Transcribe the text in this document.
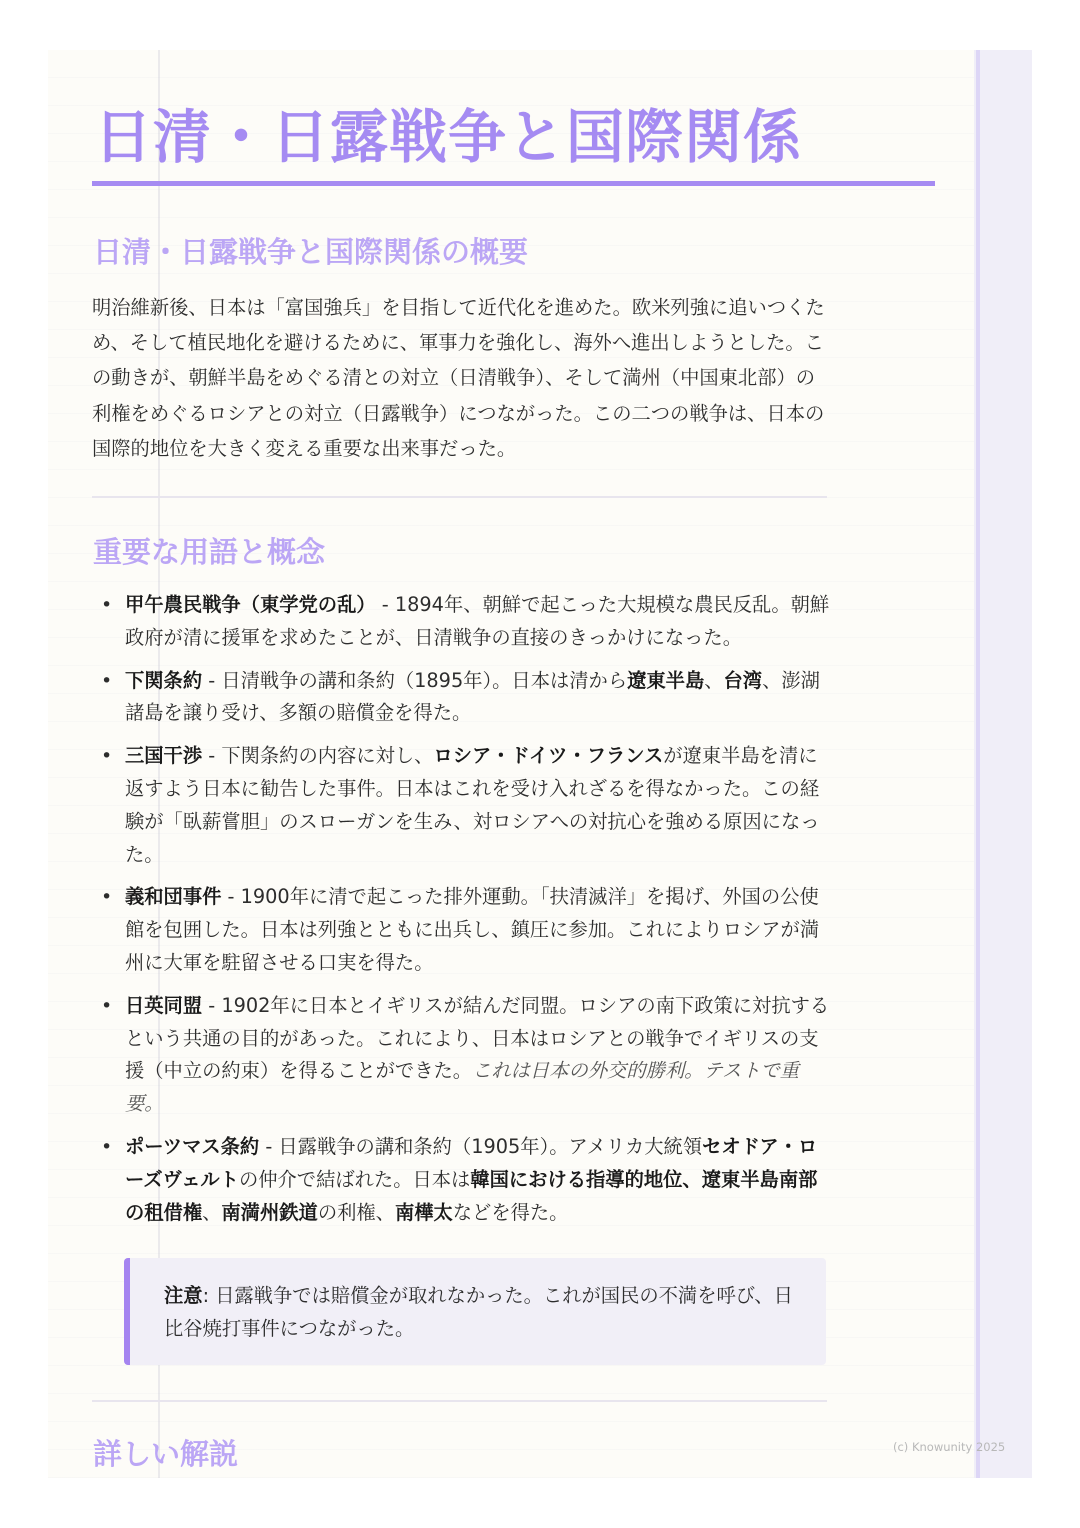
日清・日露戦争と国際関係
日清・日露戦争と国際関係の概要

明治維新後、日本は「富国強兵」を目指して近代化を進めた。欧米列強に追いつくため、そして植民地化を避けるために、軍事力を強化し、海外へ進出しようとした。この動きが、朝鮮半島をめぐる清との対立（日清戦争）、そして満州（中国東北部）の利権をめぐるロシアとの対立（日露戦争）につながった。この二つの戦争は、日本の国際的地位を大きく変える重要な出来事だった。

重要な用語と概念
• 甲午農民戦争（東学党の乱） - 1894年、朝鮮で起こった大規模な農民反乱。朝鮮政府が清に援軍を求めたことが、日清戦争の直接のきっかけになった。
• 下関条約 - 日清戦争の講和条約（1895年）。日本は清から遼東半島、台湾、澎湖諸島を譲り受け、多額の賠償金を得た。
• 三国干渉 - 下関条約の内容に対し、ロシア・ドイツ・フランスが遼東半島を清に返すよう日本に勧告した事件。日本はこれを受け入れざるを得なかった。この経験が「臥薪嘗胆」のスローガンを生み、対ロシアへの対抗心を強める原因になった。
• 義和団事件 - 1900年に清で起こった排外運動。「扶清滅洋」を掲げ、外国の公使館を包囲した。日本は列強とともに出兵し、鎮圧に参加。これによりロシアが満州に大軍を駐留させる口実を得た。
• 日英同盟 - 1902年に日本とイギリスが結んだ同盟。ロシアの南下政策に対抗するという共通の目的があった。これにより、日本はロシアとの戦争でイギリスの支援（中立の約束）を得ることができた。これは日本の外交的勝利。テストで重要。
• ポーツマス条約 - 日露戦争の講和条約（1905年）。アメリカ大統領セオドア・ローズヴェルトの仲介で結ばれた。日本は韓国における指導的地位、遼東半島南部の租借権、南満州鉄道の利権、南樺太などを得た。
注意: 日露戦争では賠償金が取れなかった。これが国民の不満を呼び、日比谷焼打事件につながった。
詳しい解説	(c) Knowunity 2025
